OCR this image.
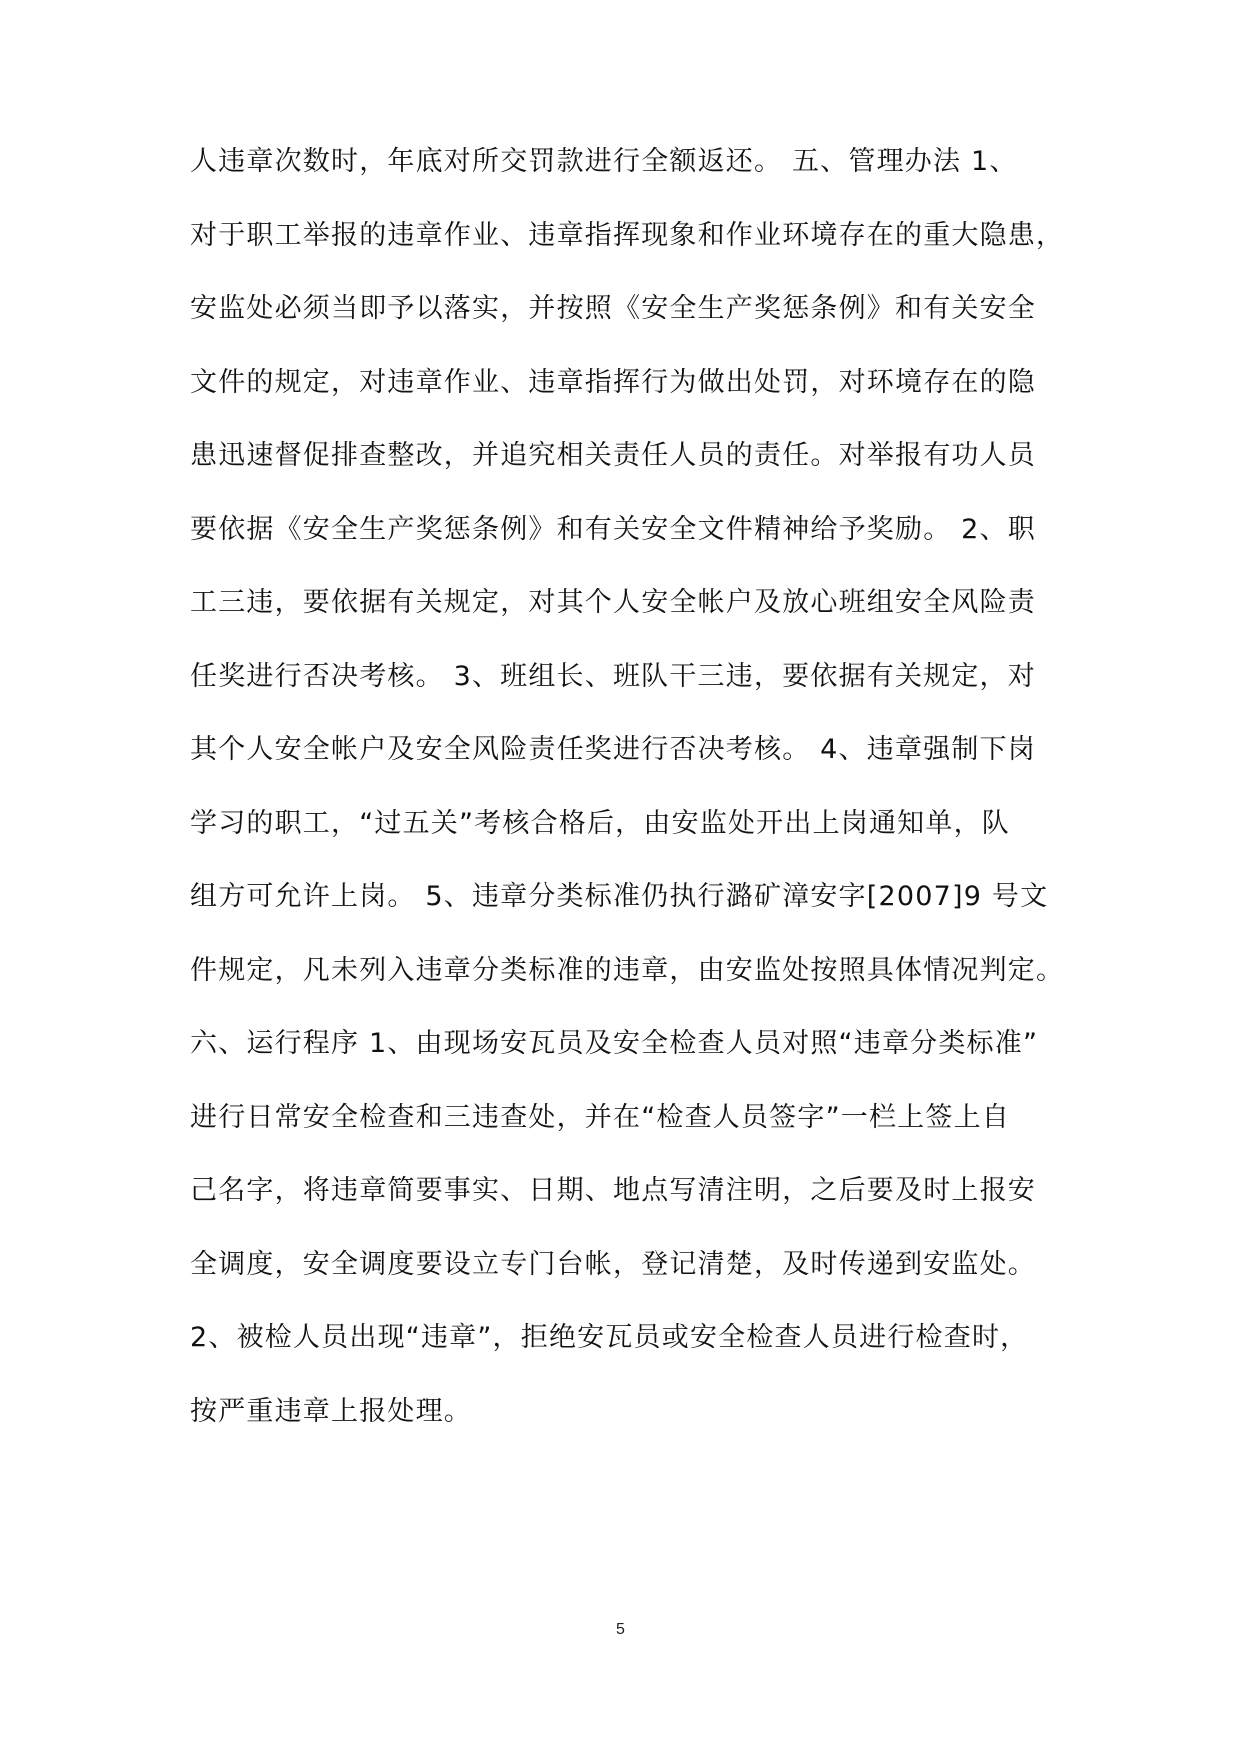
人违章次数时，年底对所交罚款进行全额返还。 五、管理办法 1、
对于职工举报的违章作业、违章指挥现象和作业环境存在的重大隐患，
安监处必须当即予以落实，并按照《安全生产奖惩条例》和有关安全
文件的规定，对违章作业、违章指挥行为做出处罚，对环境存在的隐
患迅速督促排查整改，并追究相关责任人员的责任。对举报有功人员
要依据《安全生产奖惩条例》和有关安全文件精神给予奖励。 2、职
工三违，要依据有关规定，对其个人安全帐户及放心班组安全风险责
任奖进行否决考核。 3、班组长、班队干三违，要依据有关规定，对
其个人安全帐户及安全风险责任奖进行否决考核。 4、违章强制下岗
学习的职工，“过五关”考核合格后，由安监处开出上岗通知单，队
组方可允许上岗。 5、违章分类标准仍执行潞矿漳安字[2007]9 号文
件规定，凡未列入违章分类标准的违章，由安监处按照具体情况判定。
六、运行程序 1、由现场安瓦员及安全检查人员对照“违章分类标准”
进行日常安全检查和三违查处，并在“检查人员签字”一栏上签上自
己名字，将违章简要事实、日期、地点写清注明，之后要及时上报安
全调度，安全调度要设立专门台帐，登记清楚，及时传递到安监处。
2、被检人员出现“违章”，拒绝安瓦员或安全检查人员进行检查时，
按严重违章上报处理。
5
